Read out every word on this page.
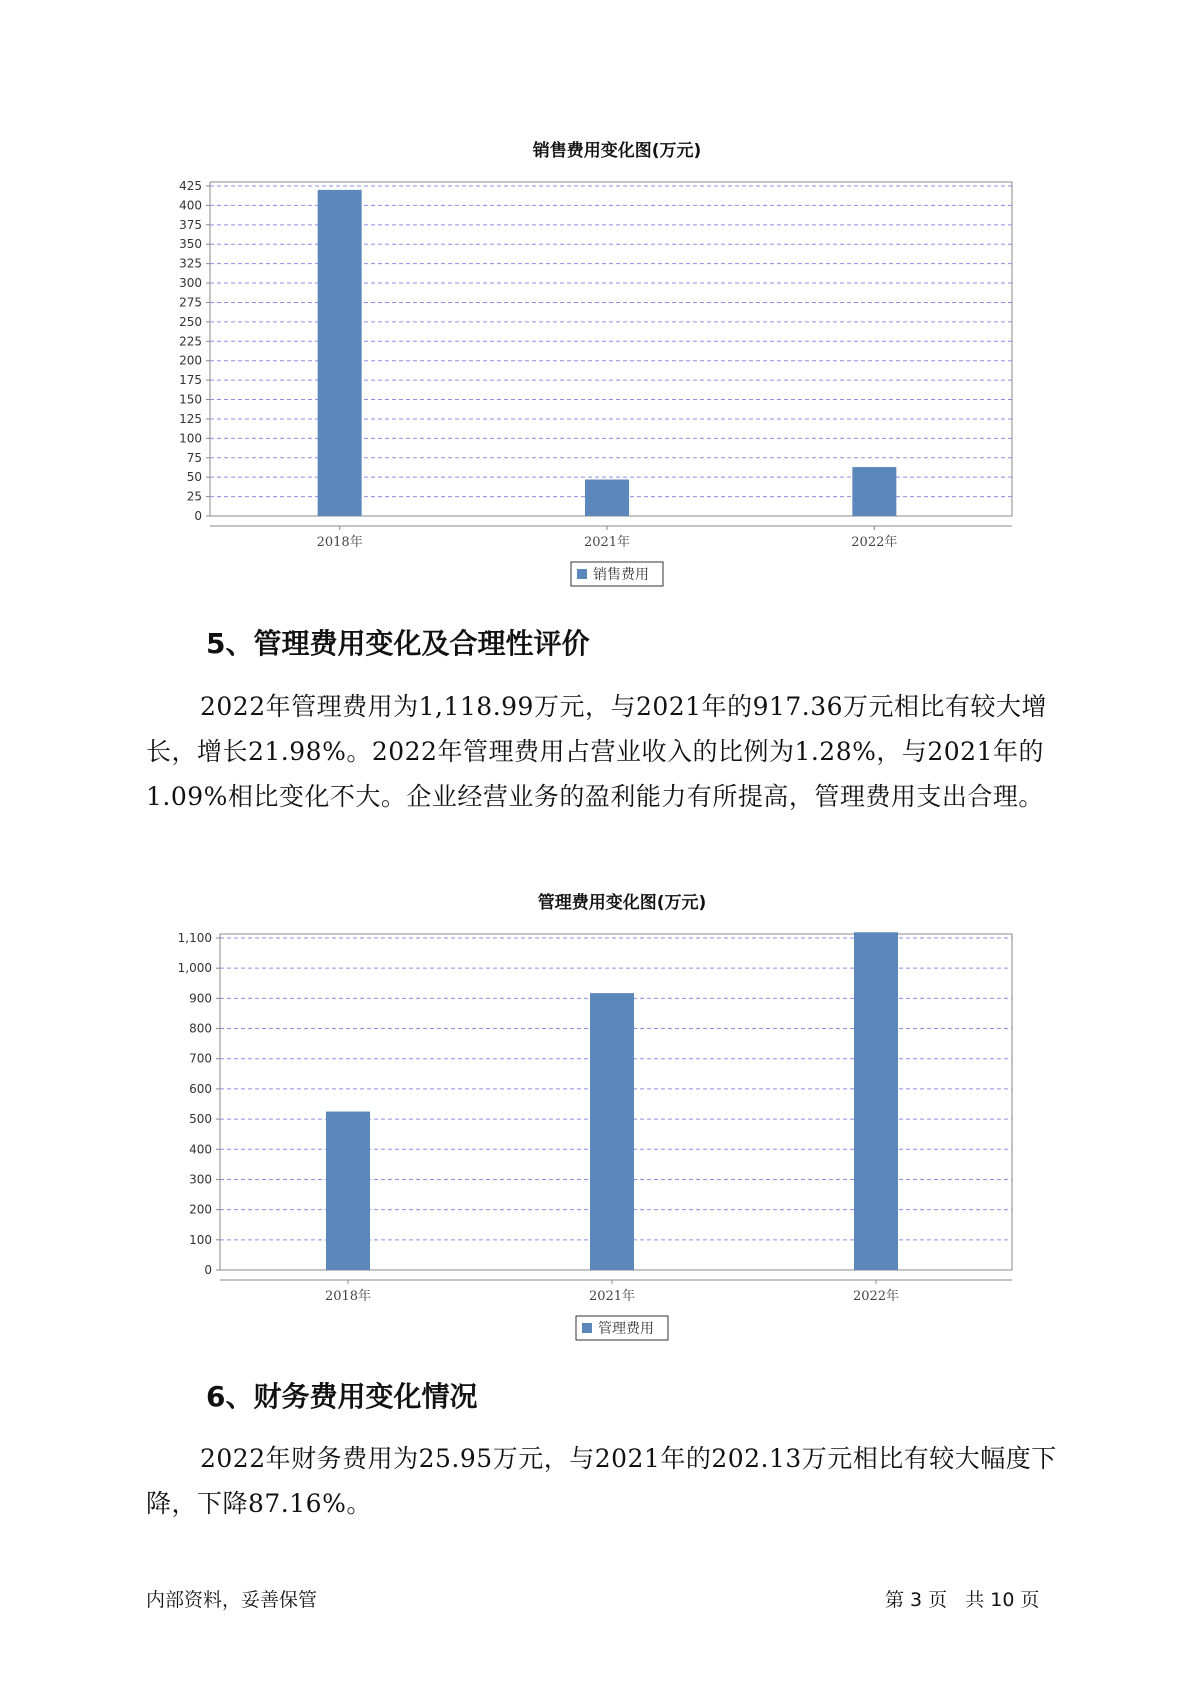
销售费用变化图(万元)
0
25
50
75
100
125
150
175
200
225
250
275
300
325
350
375
400
425
2018年	2021年	2022年
销售费用
5、管理费用变化及合理性评价

2022年管理费用为1,118.99万元，与2021年的917.36万元相比有较大增长，增长21.98%。2022年管理费用占营业收入的比例为1.28%，与2021年的1.09%相比变化不大。企业经营业务的盈利能力有所提高，管理费用支出合理。

管理费用变化图(万元)
0
100
200
300
400
500
600
700
800
900
1,000
1,100
2018年	2021年	2022年
管理费用
6、财务费用变化情况

2022年财务费用为25.95万元，与2021年的202.13万元相比有较大幅度下降，下降87.16%。

内部资料，妥善保管	第 3 页 共 10 页
